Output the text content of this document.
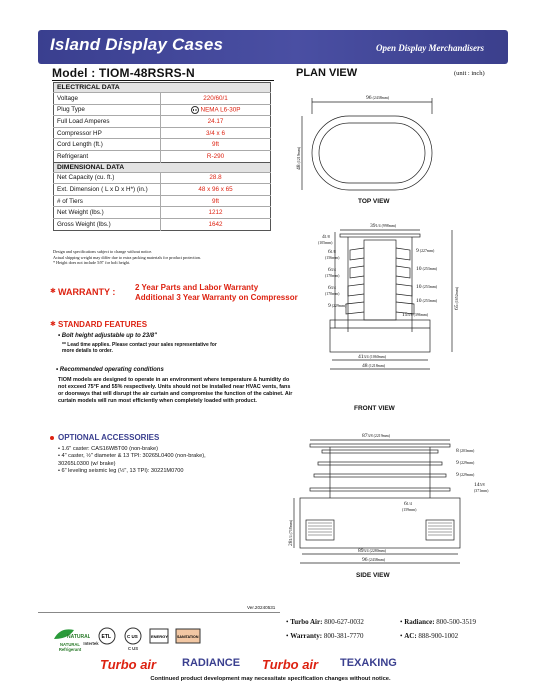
Island Display Cases	Open Display Merchandisers
Model : TIOM-48RSRS-N	PLAN VIEW	(unit : inch)
ELECTRICAL DATA	
Voltage	220/60/1
Plug Type	NEMA L6-30P
Full Load Amperes	24.17
Compressor HP	3/4 x 6
Cord Length (ft.)	9ft
Refrigerant	R-290
DIMENSIONAL DATA	
Net Capacity (cu. ft.)	28.8
Ext. Dimension ( L x D x H*) (in.)	48 x 96 x 65
# of Tiers	9ft
Net Weight (lbs.)	1212
Gross Weight (lbs.)	1642
Design and specifications subject to change without notice.
Actual shipping weight may differ due to extra packing materials for product protection.
* Height does not include 5/8" for bolt height.
✱ WARRANTY : 2 Year Parts and Labor Warranty
Additional 3 Year Warranty on Compressor
✱ STANDARD FEATURES
• Bolt height adjustable up to 23/8"
** Lead time applies. Please contact your sales representative for
more details to order.
• Recommended operating conditions
TIOM models are designed to operate in an environment where temperature & humidity do not exceed 75°F and 55% respectively. Units should not be installed near HVAC vents, fans or doorways that will disrupt the air curtain and compromise the function of the cabinet. Air curtain models will run most efficiently when completely loaded with product.
OPTIONAL ACCESSORIES
• 1.6" caster: CAS16WBT00 (non-brake)
• 4" caster, ½" diameter & 13 TPI: 30265L0400 (non-brake),
30265L0300 (w/ brake)
• 6" leveling seismic leg (½", 13 TPI): 30221M0700
Ver.20240531
NATURAL
NATURAL Refrigerant
ETL	C US
C US
ENERGY	SANITATION
Intertek
• Turbo Air: 800-627-0032	• Radiance: 800-500-3519
• Warranty: 800-381-7770	• AC: 888-900-1002
Turbo air RADIANCE Turbo air TEXAKING
Continued product development may necessitate specification changes without notice.
96(2438mm)
48(1219mm)
391/4(998mm)
41/8
(105mm)
61/8
(156mm)
63/4
(170mm)
63/4
(170mm)
9(229mm)
9(227mm)
10(253mm)
10(253mm)
10(253mm)
155/8(396mm)
65(1652mm)
413/4(1060mm)
48(1218mm)
873/8(2219mm)
8(203mm)
9(229mm)
9(229mm)
145/8
(371mm)
61/4
(159mm)
281/4(718mm)
893/4(2280mm)
96(2438mm)
TOP VIEW
FRONT VIEW
SIDE VIEW
